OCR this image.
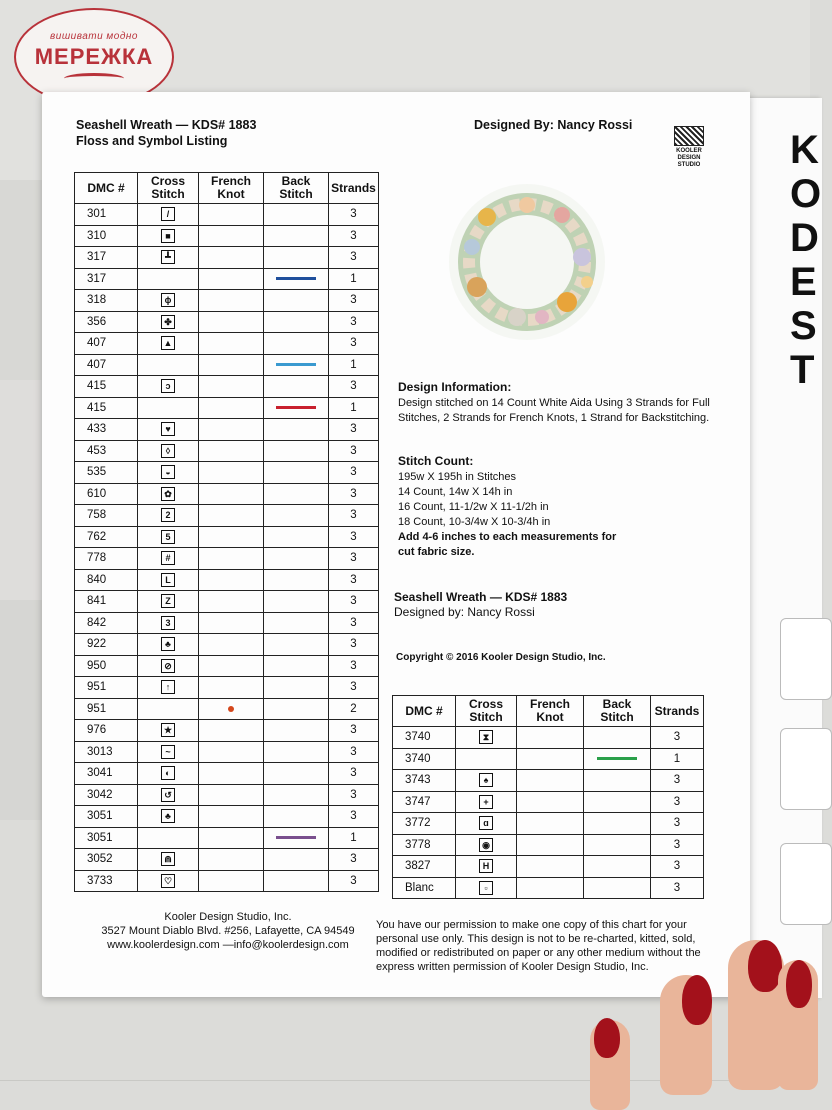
вишивати модно
МЕРЕЖКА
KO DE ST
Seashell Wreath — KDS# 1883
Floss and Symbol Listing
Designed By: Nancy Rossi
KOOLER
DESIGN
STUDIO
DMC #	Cross Stitch	French Knot	Back Stitch	Strands
301	/			3
310	■			3
317	┻			3
317				1
318	ϕ			3
356	✤			3
407	▲			3
407				1
415	ↄ			3
415				1
433	♥			3
453	◊			3
535	◒			3
610	✿			3
758	2			3
762	5			3
778	#			3
840	L			3
841	Z			3
842	3			3
922	♣			3
950	⊘			3
951	↑			3
951				2
976	★			3
3013	~			3
3041	◐			3
3042	↺			3
3051	♣			3
3051				1
3052	⋒			3
3733	♡			3
Design Information:
Design stitched on 14 Count White Aida Using 3 Strands for Full Stitches, 2 Strands for French Knots, 1 Strand for Backstitching.
Stitch Count:
195w X 195h in Stitches
14 Count, 14w X 14h in
16 Count, 11-1/2w X 11-1/2h in
18 Count, 10-3/4w X 10-3/4h in
Add 4-6 inches to each measurements for cut fabric size.
Seashell Wreath — KDS# 1883
Designed by: Nancy Rossi
Copyright © 2016 Kooler Design Studio, Inc.
DMC #	Cross Stitch	French Knot	Back Stitch	Strands
3740	⧗			3
3740				1
3743	♠			3
3747	+			3
3772	ɑ			3
3778	◉			3
3827	H			3
Blanc	▫			3
Kooler Design Studio, Inc.
3527 Mount Diablo Blvd. #256, Lafayette, CA 94549
www.koolerdesign.com —info@koolerdesign.com
You have our permission to make one copy of this chart for your personal use only. This design is not to be re-charted, kitted, sold, modified or redistributed on paper or any other medium without the express written permission of Kooler Design Studio, Inc.
